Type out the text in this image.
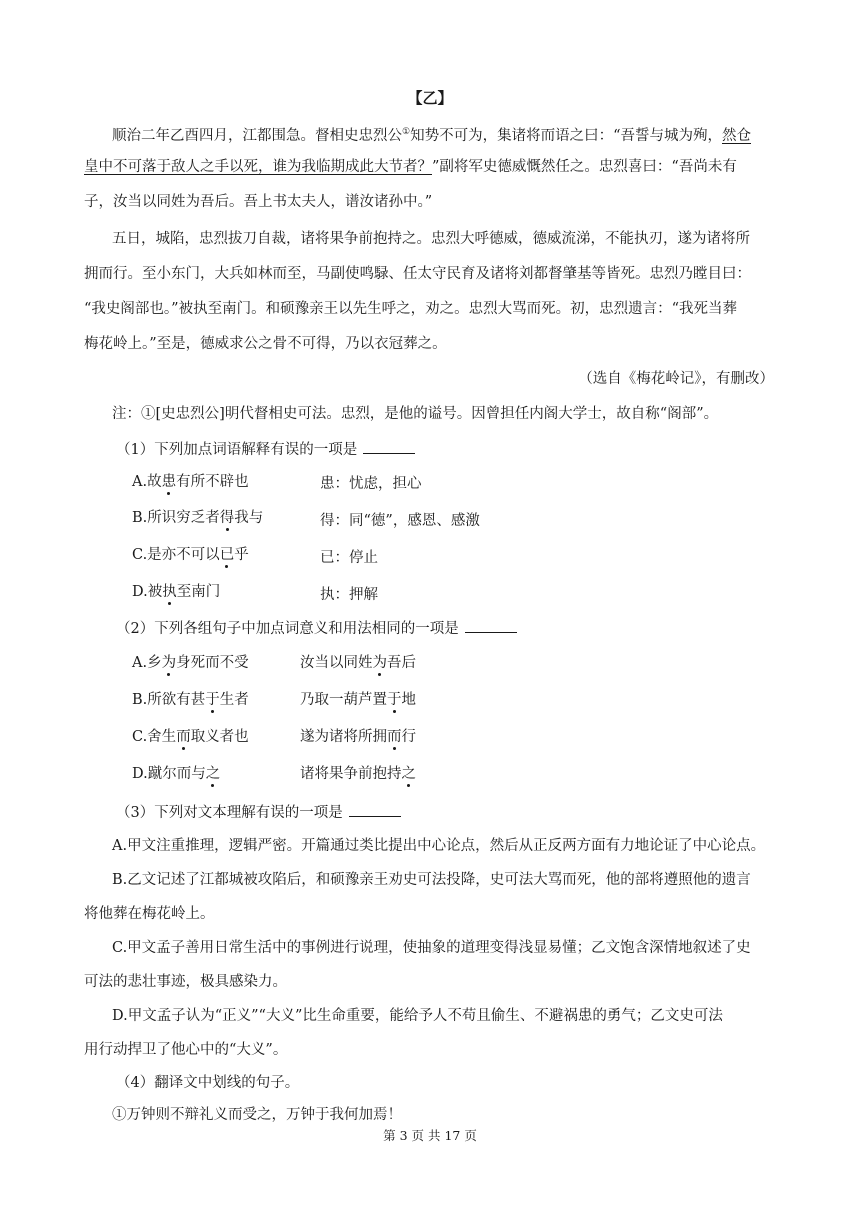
【乙】
顺治二年乙酉四月，江都围急。督相史忠烈公①知势不可为，集诸将而语之曰：“吾誓与城为殉，然仓
皇中不可落于敌人之手以死，谁为我临期成此大节者？”副将军史德威慨然任之。忠烈喜曰：“吾尚未有
子，汝当以同姓为吾后。吾上书太夫人，谱汝诸孙中。”
五日，城陷，忠烈拔刀自裁，诸将果争前抱持之。忠烈大呼德威，德威流涕，不能执刃，遂为诸将所
拥而行。至小东门，大兵如林而至，马副使鸣騄、任太守民育及诸将刘都督肇基等皆死。忠烈乃瞠目曰：
“我史阁部也。”被执至南门。和硕豫亲王以先生呼之，劝之。忠烈大骂而死。初，忠烈遗言：“我死当葬
梅花岭上。”至是，德威求公之骨不可得，乃以衣冠葬之。
（选自《梅花岭记》，有删改）
注：①[史忠烈公]明代督相史可法。忠烈，是他的谥号。因曾担任内阁大学士，故自称“阁部”。
（1）下列加点词语解释有误的一项是
A.故患有所不辟也	患：忧虑，担心
B.所识穷乏者得我与	得：同“德”，感恩、感激
C.是亦不可以已乎	已：停止
D.被执至南门	执：押解
（2）下列各组句子中加点词意义和用法相同的一项是
A.乡为身死而不受	汝当以同姓为吾后
B.所欲有甚于生者	乃取一葫芦置于地
C.舍生而取义者也	遂为诸将所拥而行
D.蹴尔而与之	诸将果争前抱持之
（3）下列对文本理解有误的一项是
A.甲文注重推理，逻辑严密。开篇通过类比提出中心论点，然后从正反两方面有力地论证了中心论点。
B.乙文记述了江都城被攻陷后，和硕豫亲王劝史可法投降，史可法大骂而死，他的部将遵照他的遗言
将他葬在梅花岭上。
C.甲文孟子善用日常生活中的事例进行说理，使抽象的道理变得浅显易懂；乙文饱含深情地叙述了史
可法的悲壮事迹，极具感染力。
D.甲文孟子认为“正义”“大义”比生命重要，能给予人不苟且偷生、不避祸患的勇气；乙文史可法
用行动捍卫了他心中的“大义”。
（4）翻译文中划线的句子。
①万钟则不辩礼义而受之，万钟于我何加焉！
第 3 页 共 17 页
